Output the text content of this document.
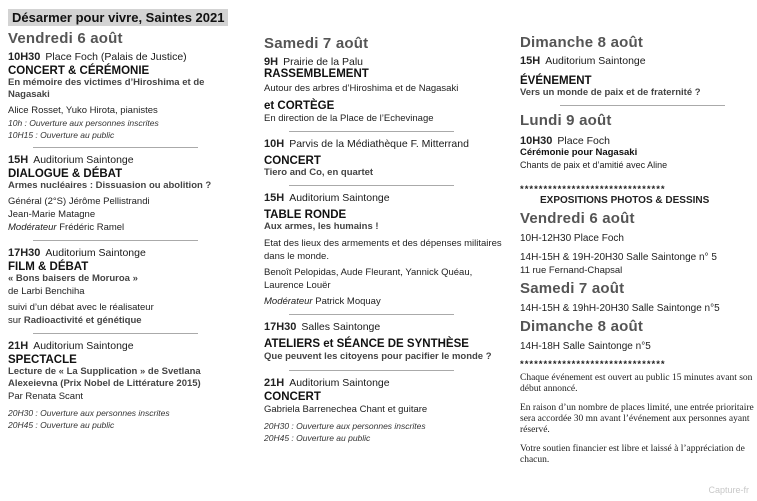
Désarmer pour vivre, Saintes 2021
Vendredi 6 août
10H30 Place Foch (Palais de Justice)
CONCERT & CÉRÉMONIE
En mémoire des victimes d’Hiroshima et de Nagasaki
Alice Rosset, Yuko Hirota, pianistes
10h : Ouverture aux personnes inscrites
10H15 : Ouverture au public
15H Auditorium Saintonge
DIALOGUE & DÉBAT
Armes nucléaires : Dissuasion ou abolition ?
Général (2°S) Jérôme Pellistrandi
Jean-Marie Matagne
Modérateur Frédéric Ramel
17H30 Auditorium Saintonge
FILM & DÉBAT
« Bons baisers de Moruroa »
de Larbi Benchiha
suivi d’un débat avec le réalisateur
sur Radioactivité et génétique
21H Auditorium Saintonge
SPECTACLE
Lecture de « La Supplication » de Svetlana Alexeievna (Prix Nobel de Littérature 2015)
Par Renata Scant
20H30 : Ouverture aux personnes inscrites
20H45 : Ouverture au public
Samedi 7 août
9H Prairie de la Palu
RASSEMBLEMENT
Autour des arbres d’Hiroshima et de Nagasaki
et CORTÈGE
En direction de la Place de l’Echevinage
10H Parvis de la Médiathèque F. Mitterrand
CONCERT
Tiero and Co, en quartet
15H Auditorium Saintonge
TABLE RONDE
Aux armes, les humains !
Etat des lieux des armements et des dépenses militaires dans le monde.
Benoît Pelopidas, Aude Fleurant, Yannick Quéau, Laurence Louër
Modérateur Patrick Moquay
17H30 Salles Saintonge
ATELIERS et SÉANCE DE SYNTHÈSE
Que peuvent les citoyens pour pacifier le monde ?
21H Auditorium Saintonge
CONCERT
Gabriela Barrenechea Chant et guitare
20H30 : Ouverture aux personnes inscrites
20H45 : Ouverture au public
Dimanche 8 août
15H Auditorium Saintonge
ÉVÉNEMENT
Vers un monde de paix et de fraternité ?
Lundi 9 août
10H30 Place Foch
Cérémonie pour Nagasaki
Chants de paix et d’amitié avec Aline
*******************************
EXPOSITIONS PHOTOS & DESSINS
Vendredi 6 août
10H-12H30 Place Foch
14H-15H & 19H-20H30 Salle Saintonge n° 5
11 rue Fernand-Chapsal
Samedi 7 août
14H-15H & 19hH-20H30 Salle Saintonge n°5
Dimanche 8 août
14H-18H Salle Saintonge n°5
*******************************
Chaque événement est ouvert au public 15 minutes avant son début annoncé.
En raison d’un nombre de places limité, une entrée prioritaire sera accordée 30 mn avant l’événement aux personnes ayant réservé.
Votre soutien financier est libre et laissé à l’appréciation de chacun.
Capture-fr
